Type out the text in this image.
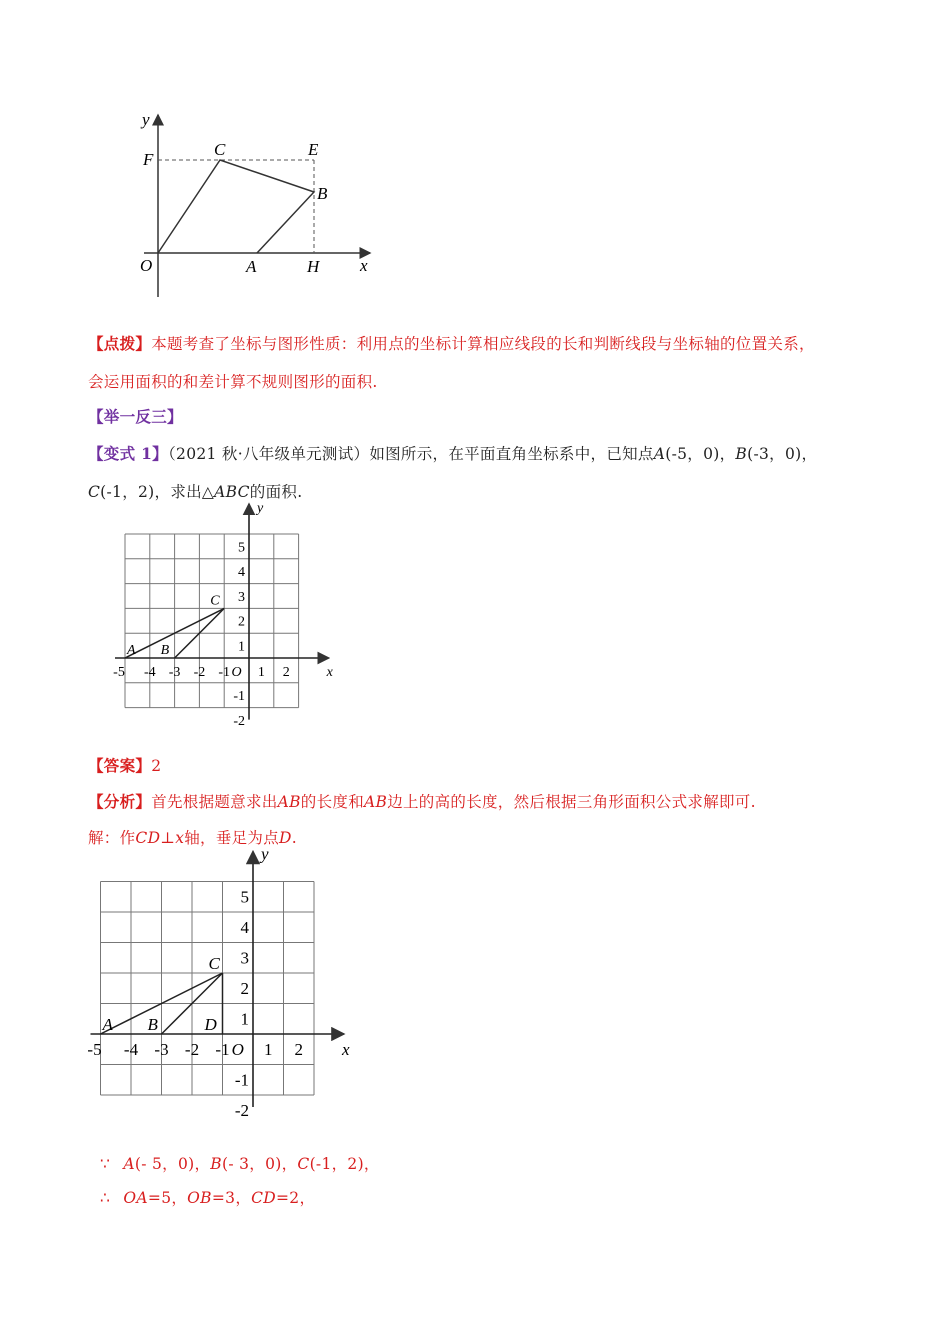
y
F
C	E
B
O	A	H x
【点拨】本题考查了坐标与图形性质：利用点的坐标计算相应线段的长和判断线段与坐标轴的位置关系，
会运用面积的和差计算不规则图形的面积.
【举一反三】
【变式 1】（2021 秋·八年级单元测试）如图所示，在平面直角坐标系中，已知点A(-5，0)，B(-3，0)，
C(-1，2)，求出△ABC的面积.
5
4
3
2
1
-1
-2
-5 -4 -3 -2 -1 1 2
O	x
y
A B
C
【答案】2
【分析】首先根据题意求出AB的长度和AB边上的高的长度，然后根据三角形面积公式求解即可.
解：作CD⊥x轴，垂足为点D.
5
4
3
2
1
-1
-2
-5 -4 -3 -2 -1 1 2
O	x
y
A B
C
D
∵ A(- 5，0)，B(- 3，0)，C(-1，2)，
∴ OA=5，OB=3，CD=2，
